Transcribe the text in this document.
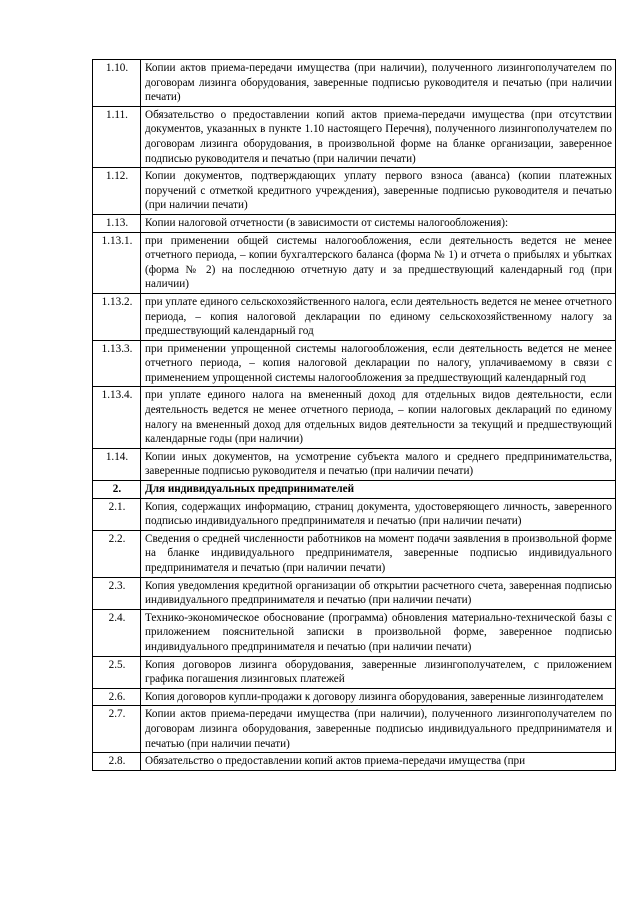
1.10.	Копии актов приема-передачи имущества (при наличии), полученного лизингополучателем по договорам лизинга оборудования, заверенные подписью руководителя и печатью (при наличии печати)
1.11.	Обязательство о предоставлении копий актов приема-передачи имущества (при отсутствии документов, указанных в пункте 1.10 настоящего Перечня), полученного лизингополучателем по договорам лизинга оборудования, в произвольной форме на бланке организации, заверенное подписью руководителя и печатью (при наличии печати)
1.12.	Копии документов, подтверждающих уплату первого взноса (аванса) (копии платежных поручений с отметкой кредитного учреждения), заверенные подписью руководителя и печатью (при наличии печати)
1.13.	Копии налоговой отчетности (в зависимости от системы налогообложения):
1.13.1.	при применении общей системы налогообложения, если деятельность ведется не менее отчетного периода, – копии бухгалтерского баланса (форма № 1) и отчета о прибылях и убытках (форма № 2) на последнюю отчетную дату и за предшествующий календарный год (при наличии)
1.13.2.	при уплате единого сельскохозяйственного налога, если деятельность ведется не менее отчетного периода, – копия налоговой декларации по единому сельскохозяйственному налогу за предшествующий календарный год
1.13.3.	при применении упрощенной системы налогообложения, если деятельность ведется не менее отчетного периода, – копия налоговой декларации по налогу, уплачиваемому в связи с применением упрощенной системы налогообложения за предшествующий календарный год
1.13.4.	при уплате единого налога на вмененный доход для отдельных видов деятельности, если деятельность ведется не менее отчетного периода, – копии налоговых деклараций по единому налогу на вмененный доход для отдельных видов деятельности за текущий и предшествующий календарные годы (при наличии)
1.14.	Копии иных документов, на усмотрение субъекта малого и среднего предпринимательства, заверенные подписью руководителя и печатью (при наличии печати)
2.	Для индивидуальных предпринимателей
2.1.	Копия, содержащих информацию, страниц документа, удостоверяющего личность, заверенного подписью индивидуального предпринимателя и печатью (при наличии печати)
2.2.	Сведения о средней численности работников на момент подачи заявления в произвольной форме на бланке индивидуального предпринимателя, заверенные подписью индивидуального предпринимателя и печатью (при наличии печати)
2.3.	Копия уведомления кредитной организации об открытии расчетного счета, заверенная подписью индивидуального предпринимателя и печатью (при наличии печати)
2.4.	Технико-экономическое обоснование (программа) обновления материально-технической базы с приложением пояснительной записки в произвольной форме, заверенное подписью индивидуального предпринимателя и печатью (при наличии печати)
2.5.	Копия договоров лизинга оборудования, заверенные лизингополучателем, с приложением графика погашения лизинговых платежей
2.6.	Копия договоров купли-продажи к договору лизинга оборудования, заверенные лизингодателем
2.7.	Копии актов приема-передачи имущества (при наличии), полученного лизингополучателем по договорам лизинга оборудования, заверенные подписью индивидуального предпринимателя и печатью (при наличии печати)
2.8.	Обязательство о предоставлении копий актов приема-передачи имущества (при
